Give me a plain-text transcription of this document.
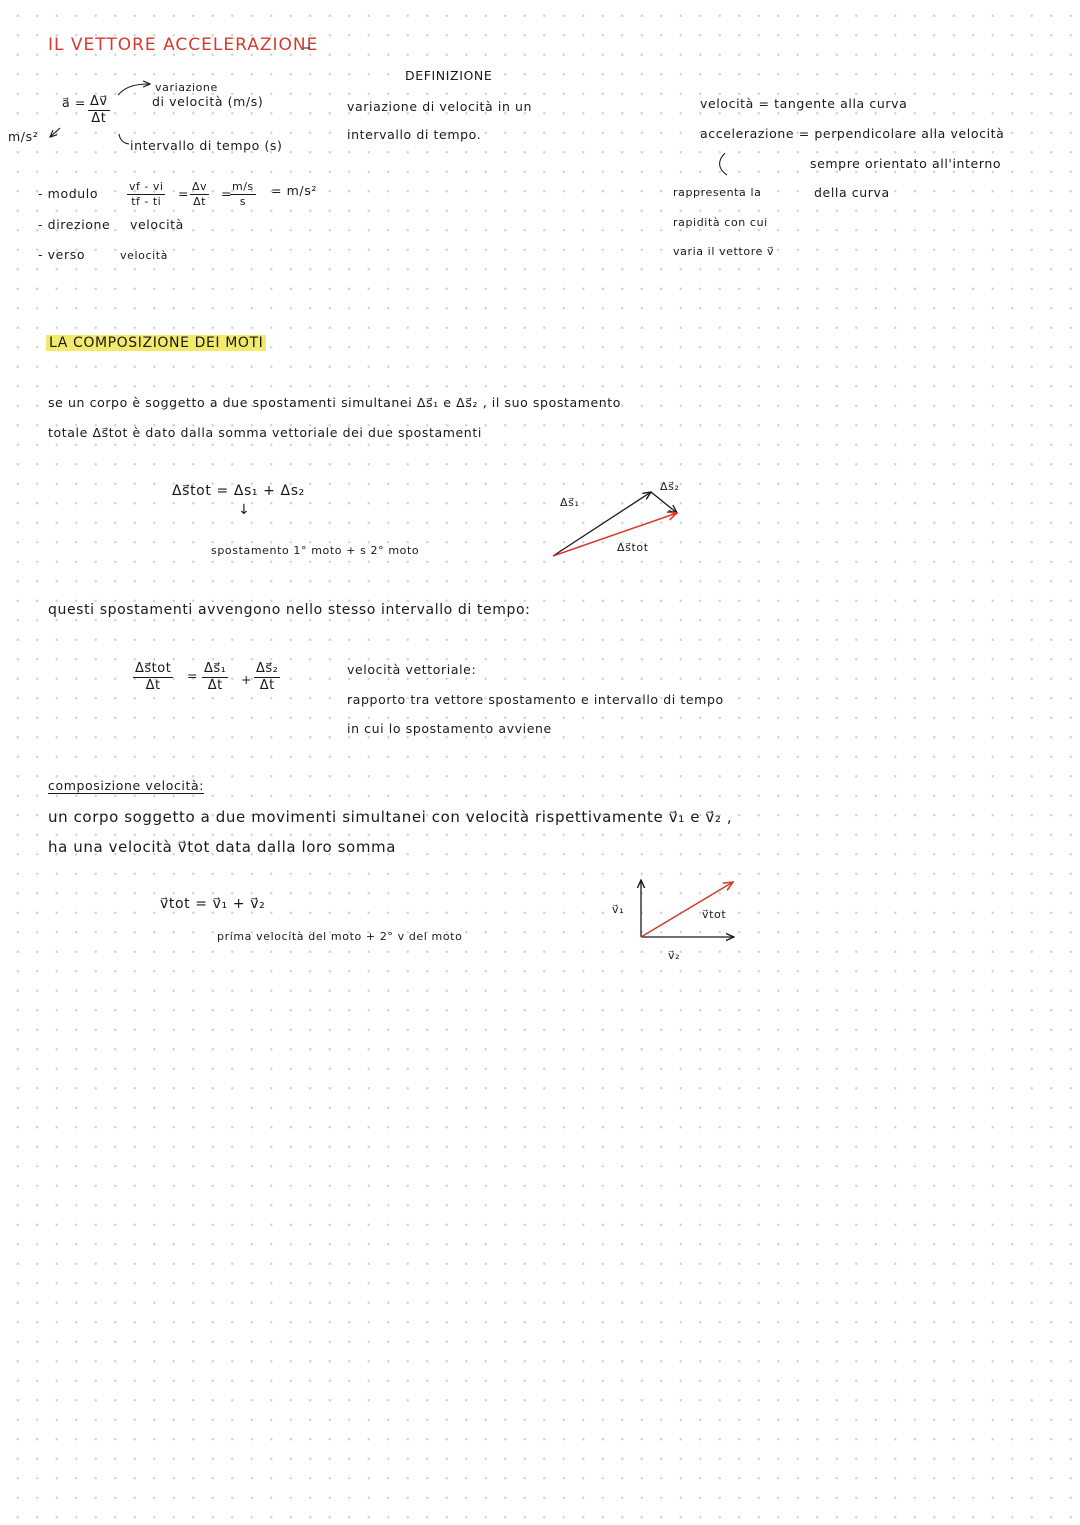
IL VETTORE ACCELERAZIONE
a⃗ = $\frac{\Delta v⃗}{\Delta t}$
m/s²
variazione
di velocità (m/s)
intervallo di tempo (s)
DEFINIZIONE
variazione di velocità in un
intervallo di tempo.
- modulo	$\frac{vf - vi}{tf - ti} = \frac{\Delta v}{\Delta t}$ =
$\frac{m/s}{s} = m/s^2$
- direzione velocità
- verso	velocità
velocità = tangente alla curva
accelerazione = perpendicolare alla velocità
sempre orientato all'interno
della curva
rappresenta la
rapidità con cui
varia il vettore v⃗
LA COMPOSIZIONE DEI MOTI
se un corpo è soggetto a due spostamenti simultanei Δs⃗₁ e Δs⃗₂ , il suo spostamento
totale Δs⃗tot è dato dalla somma vettoriale dei due spostamenti
Δs⃗tot = Δs₁ + Δs₂
↓
spostamento 1° moto + s 2° moto
Δs⃗₁
Δs⃗₂
Δs⃗tot
questi spostamenti avvengono nello stesso intervallo di tempo:
Δs⃗tot
Δt
= $\frac{\text{Δs⃗₁}}{\Delta t} + \frac{\text{Δs⃗₂}}{\Delta t}$	velocità vettoriale:
rapporto tra vettore spostamento e intervallo di tempo
in cui lo spostamento avviene
composizione velocità:
un corpo soggetto a due movimenti simultanei con velocità rispettivamente v⃗₁ e v⃗₂ ,
ha una velocità v⃗tot data dalla loro somma
v⃗tot = v⃗₁ + v⃗₂
prima velocità del moto + 2° v del moto
v⃗₁
v⃗₂
v⃗tot
